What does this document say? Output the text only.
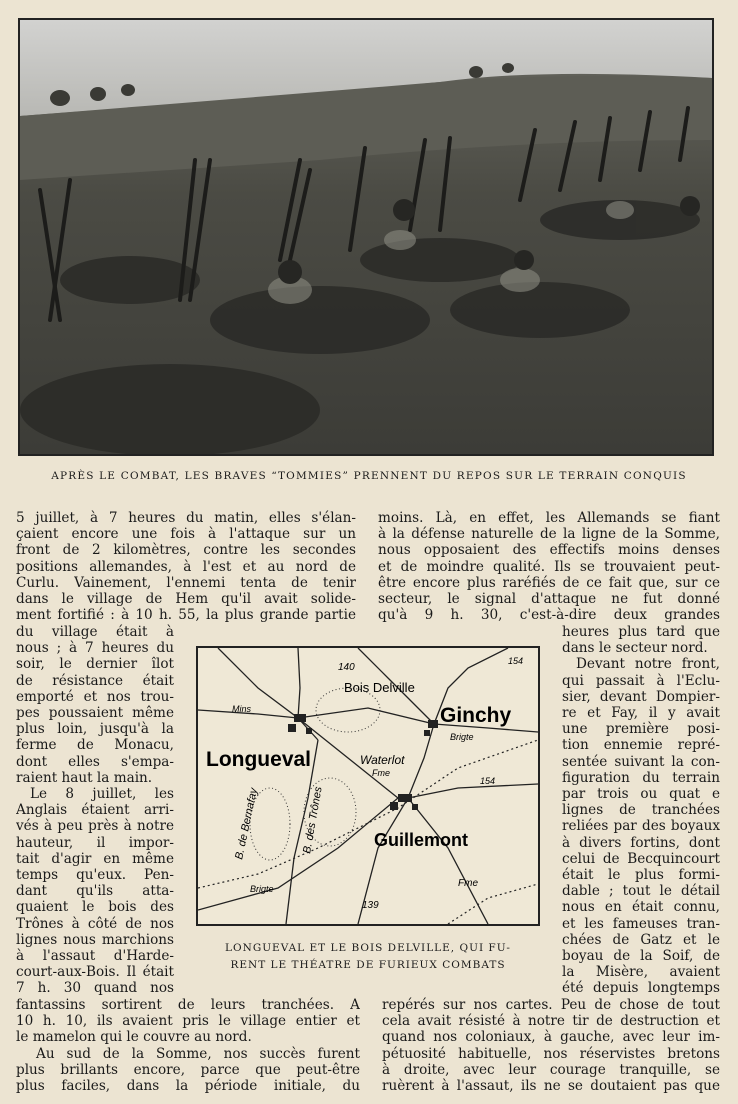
APRÈS LE COMBAT, LES BRAVES “TOMMIES” PRENNENT DU REPOS SUR LE TERRAIN CONQUIS
5 juillet, à 7 heures du matin, elles s'élan-
çaient encore une fois à l'attaque sur un
front de 2 kilomètres, contre les secondes
positions allemandes, à l'est et au nord de
Curlu. Vainement, l'ennemi tenta de tenir
dans le village de Hem qu'il avait solide-
ment fortifié : à 10 h. 55, la plus grande partie
du village était à
nous ; à 7 heures du
soir, le dernier îlot
de résistance était
emporté et nos trou-
pes poussaient même
plus loin, jusqu'à la
ferme de Monacu,
dont elles s'empa-
raient haut la main.
Le 8 juillet, les
Anglais étaient arri-
vés à peu près à notre
hauteur, il impor-
tait d'agir en même
temps qu'eux. Pen-
dant qu'ils atta-
quaient le bois des
Trônes à côté de nos
lignes nous marchions
à l'assaut d'Harde-
court-aux-Bois. Il était
7 h. 30 quand nos
fantassins sortirent de leurs tranchées. A
10 h. 10, ils avaient pris le village entier et
le mamelon qui le couvre au nord.
Au sud de la Somme, nos succès furent
plus brillants encore, parce que peut-être
plus faciles, dans la période initiale, du
moins. Là, en effet, les Allemands se fiant
à la défense naturelle de la ligne de la Somme,
nous opposaient des effectifs moins denses
et de moindre qualité. Ils se trouvaient peut-
être encore plus raréfiés de ce fait que, sur ce
secteur, le signal d'attaque ne fut donné
qu'à 9 h. 30, c'est-à-dire deux grandes
heures plus tard que
dans le secteur nord.
Devant notre front,
qui passait à l'Eclu-
sier, devant Dompier-
re et Fay, il y avait
une première posi-
tion ennemie repré-
sentée suivant la con-
figuration du terrain
par trois ou quat e
lignes de tranchées
reliées par des boyaux
à divers fortins, dont
celui de Becquincourt
était le plus formi-
dable ; tout le détail
nous en était connu,
et les fameuses tran-
chées de Gatz et le
boyau de la Soif, de
la Misère, avaient
été depuis longtemps
repérés sur nos cartes. Peu de chose de tout
cela avait résisté à notre tir de destruction et
quand nos coloniaux, à gauche, avec leur im-
pétuosité habituelle, nos réservistes bretons
à droite, avec leur courage tranquille, se
ruèrent à l'assaut, ils ne se doutaient pas que
140
154
Bois Delville
Ginchy
Mins
Brigte
Longueval	Waterlot
Fme
154
Guillemont
B. de Bernafay	B. des Trônes
Brigte	Fme
139
LONGUEVAL ET LE BOIS DELVILLE, QUI FU-
RENT LE THÉATRE DE FURIEUX COMBATS
